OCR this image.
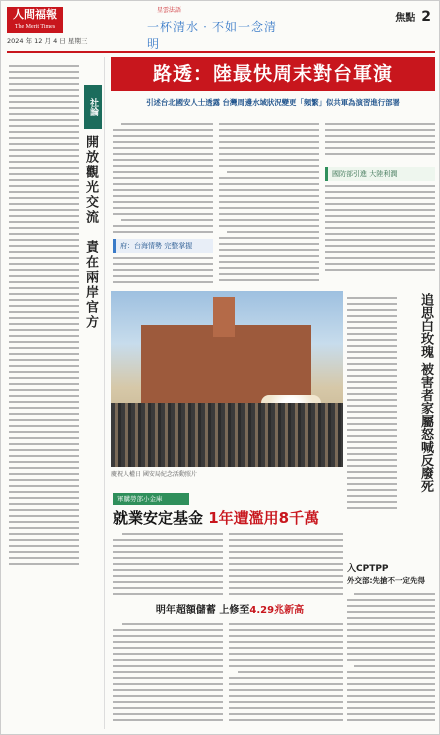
人間福報
The Merit Times
2024 年 12 月 4 日 星期三
星雲法語
一杯清水‧不如一念清明
焦點 2
社論
開放觀光交流　責在兩岸官方
路透：陸最快周末對台軍演
引述台北國安人士透露 台灣周邊水域狀況變更「頻繁」似共軍為演習進行部署
府：台海情勢 完整掌握
國防部引進 大陸利潤
慶祝人權日 國安局紀念活動照片	追思白玫瑰 被害者家屬怒喊反廢死
軍購勞部小金庫
就業安定基金 1年遭濫用8千萬
明年超額儲蓄 上修至4.29兆新高
入CPTPP
外交部:先搶不一定先得
